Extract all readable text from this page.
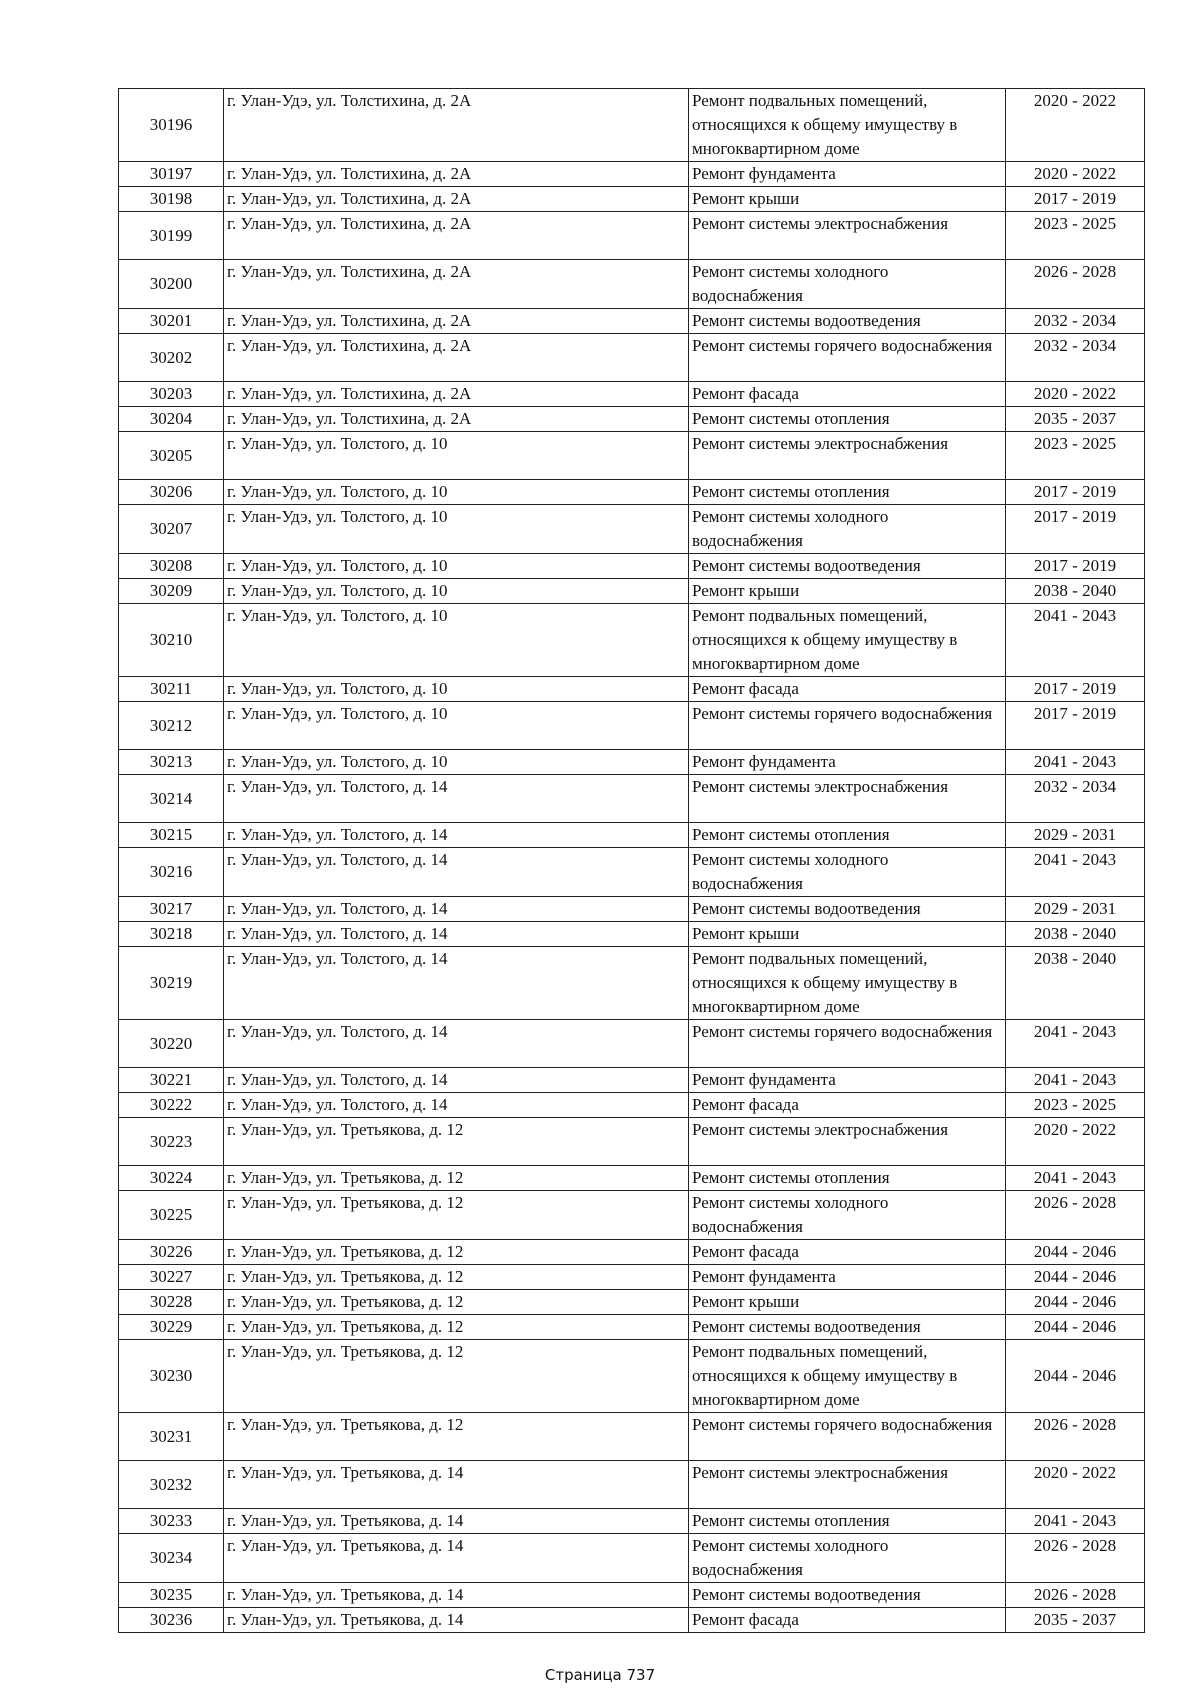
30196	г. Улан-Удэ, ул. Толстихина, д. 2А	Ремонт подвальных помещений, относящихся к общему имуществу в многоквартирном доме	2020 - 2022
30197	г. Улан-Удэ, ул. Толстихина, д. 2А	Ремонт фундамента	2020 - 2022
30198	г. Улан-Удэ, ул. Толстихина, д. 2А	Ремонт крыши	2017 - 2019
30199	г. Улан-Удэ, ул. Толстихина, д. 2А	Ремонт системы электроснабжения	2023 - 2025
30200	г. Улан-Удэ, ул. Толстихина, д. 2А	Ремонт системы холодного водоснабжения	2026 - 2028
30201	г. Улан-Удэ, ул. Толстихина, д. 2А	Ремонт системы водоотведения	2032 - 2034
30202	г. Улан-Удэ, ул. Толстихина, д. 2А	Ремонт системы горячего водоснабжения	2032 - 2034
30203	г. Улан-Удэ, ул. Толстихина, д. 2А	Ремонт фасада	2020 - 2022
30204	г. Улан-Удэ, ул. Толстихина, д. 2А	Ремонт системы отопления	2035 - 2037
30205	г. Улан-Удэ, ул. Толстого, д. 10	Ремонт системы электроснабжения	2023 - 2025
30206	г. Улан-Удэ, ул. Толстого, д. 10	Ремонт системы отопления	2017 - 2019
30207	г. Улан-Удэ, ул. Толстого, д. 10	Ремонт системы холодного водоснабжения	2017 - 2019
30208	г. Улан-Удэ, ул. Толстого, д. 10	Ремонт системы водоотведения	2017 - 2019
30209	г. Улан-Удэ, ул. Толстого, д. 10	Ремонт крыши	2038 - 2040
30210	г. Улан-Удэ, ул. Толстого, д. 10	Ремонт подвальных помещений, относящихся к общему имуществу в многоквартирном доме	2041 - 2043
30211	г. Улан-Удэ, ул. Толстого, д. 10	Ремонт фасада	2017 - 2019
30212	г. Улан-Удэ, ул. Толстого, д. 10	Ремонт системы горячего водоснабжения	2017 - 2019
30213	г. Улан-Удэ, ул. Толстого, д. 10	Ремонт фундамента	2041 - 2043
30214	г. Улан-Удэ, ул. Толстого, д. 14	Ремонт системы электроснабжения	2032 - 2034
30215	г. Улан-Удэ, ул. Толстого, д. 14	Ремонт системы отопления	2029 - 2031
30216	г. Улан-Удэ, ул. Толстого, д. 14	Ремонт системы холодного водоснабжения	2041 - 2043
30217	г. Улан-Удэ, ул. Толстого, д. 14	Ремонт системы водоотведения	2029 - 2031
30218	г. Улан-Удэ, ул. Толстого, д. 14	Ремонт крыши	2038 - 2040
30219	г. Улан-Удэ, ул. Толстого, д. 14	Ремонт подвальных помещений, относящихся к общему имуществу в многоквартирном доме	2038 - 2040
30220	г. Улан-Удэ, ул. Толстого, д. 14	Ремонт системы горячего водоснабжения	2041 - 2043
30221	г. Улан-Удэ, ул. Толстого, д. 14	Ремонт фундамента	2041 - 2043
30222	г. Улан-Удэ, ул. Толстого, д. 14	Ремонт фасада	2023 - 2025
30223	г. Улан-Удэ, ул. Третьякова, д. 12	Ремонт системы электроснабжения	2020 - 2022
30224	г. Улан-Удэ, ул. Третьякова, д. 12	Ремонт системы отопления	2041 - 2043
30225	г. Улан-Удэ, ул. Третьякова, д. 12	Ремонт системы холодного водоснабжения	2026 - 2028
30226	г. Улан-Удэ, ул. Третьякова, д. 12	Ремонт фасада	2044 - 2046
30227	г. Улан-Удэ, ул. Третьякова, д. 12	Ремонт фундамента	2044 - 2046
30228	г. Улан-Удэ, ул. Третьякова, д. 12	Ремонт крыши	2044 - 2046
30229	г. Улан-Удэ, ул. Третьякова, д. 12	Ремонт системы водоотведения	2044 - 2046
30230	г. Улан-Удэ, ул. Третьякова, д. 12	Ремонт подвальных помещений, относящихся к общему имуществу в многоквартирном доме	2044 - 2046
30231	г. Улан-Удэ, ул. Третьякова, д. 12	Ремонт системы горячего водоснабжения	2026 - 2028
30232	г. Улан-Удэ, ул. Третьякова, д. 14	Ремонт системы электроснабжения	2020 - 2022
30233	г. Улан-Удэ, ул. Третьякова, д. 14	Ремонт системы отопления	2041 - 2043
30234	г. Улан-Удэ, ул. Третьякова, д. 14	Ремонт системы холодного водоснабжения	2026 - 2028
30235	г. Улан-Удэ, ул. Третьякова, д. 14	Ремонт системы водоотведения	2026 - 2028
30236	г. Улан-Удэ, ул. Третьякова, д. 14	Ремонт фасада	2035 - 2037
Страница 737
